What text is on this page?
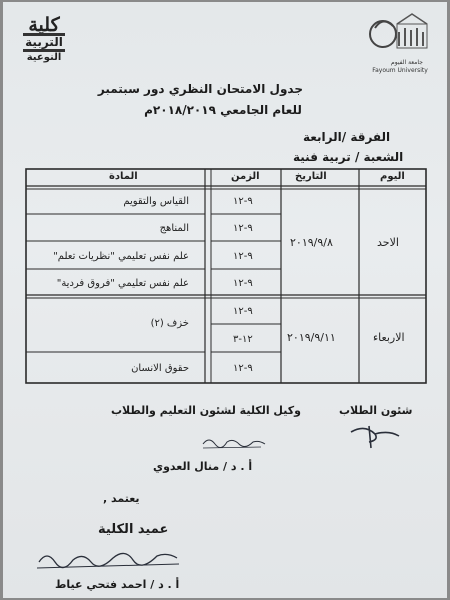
كلية
التربية
النوعية	جامعة الفيوم
Fayoum University
جدول الامتحان النظري دور سبتمبر
للعام الجامعي ٢٠١٨/٢٠١٩م
الفرقة /الرابعة
الشعبة / تربية فنية
اليوم
التاريخ
الزمن
المادة
الاحد
٢٠١٩/٩/٨
٩-١٢
القياس والتقويم
٩-١٢
المناهج
٩-١٢
علم نفس تعليمي "نظريات تعلم"
٩-١٢
علم نفس تعليمي "فروق فردية"
الاربعاء
٢٠١٩/٩/١١
٩-١٢
خزف (٢)
١٢-٣
٩-١٢
حقوق الانسان
شئون الطلاب
وكيل الكلية لشئون التعليم والطلاب
أ . د / منال العدوي
يعتمد ,
عميد الكلية
أ . د / احمد فتحي عياط
